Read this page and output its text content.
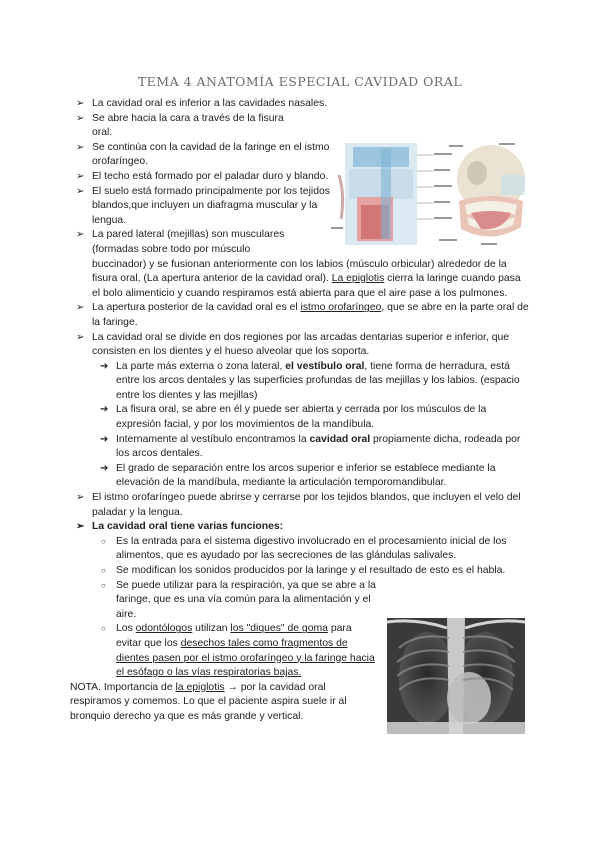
TEMA 4 ANATOMÍA ESPECIAL CAVIDAD ORAL

➢ La cavidad oral es inferior a las cavidades nasales.

➢ Se abre hacia la cara a través de la fisura oral.

➢ Se continúa con la cavidad de la faringe en el istmo orofaríngeo.

➢ El techo está formado por el paladar duro y blando.

➢ El suelo está formado principalmente por los tejidos blandos,que incluyen un diafragma muscular y la lengua.

➢ La pared lateral (mejillas) son musculares (formadas sobre todo por músculo
buccinador) y se fusionan anteriormente con los labios (músculo orbicular) alrededor de la fisura oral, (La apertura anterior de la cavidad oral). La epiglotis cierra la laringe cuando pasa el bolo alimenticio y cuando respiramos está abierta para que el aire pase a los pulmones.

➢ La apertura posterior de la cavidad oral es el istmo orofaríngeo, que se abre en la parte oral de la faringe.

➢ La cavidad oral se divide en dos regiones por las arcadas dentarias superior e inferior, que consisten en los dientes y el hueso alveolar que los soporta.

➔ La parte más externa o zona lateral, el vestíbulo oral, tiene forma de herradura, está entre los arcos dentales y las superficies profundas de las mejillas y los labios. (espacio entre los dientes y las mejillas)

➔ La fisura oral, se abre en él y puede ser abierta y cerrada por los músculos de la expresión facial, y por los movimientos de la mandíbula.

➔ Internamente al vestíbulo encontramos la cavidad oral propiamente dicha, rodeada por los arcos dentales.

➔ El grado de separación entre los arcos superior e inferior se establece mediante la elevación de la mandíbula, mediante la articulación temporomandibular.

➢ El istmo orofaríngeo puede abrirse y cerrarse por los tejidos blandos, que incluyen el velo del paladar y la lengua.

➢ La cavidad oral tiene varias funciones:

○ Es la entrada para el sistema digestivo involucrado en el procesamiento inicial de los alimentos, que es ayudado por las secreciones de las glándulas salivales.

○ Se modifican los sonidos producidos por la laringe y el resultado de esto es el habla.

○ Se puede utilizar para la respiración, ya que se abre a la faringe, que es una vía común para la alimentación y el aire.

○ Los odontólogos utilizan los "diques" de goma para evitar que los desechos tales como fragmentos de dientes pasen por el istmo orofaríngeo y la faringe hacia el esófago o las vías respiratorias bajas.

NOTA. Importancia de la epiglotis → por la cavidad oral respiramos y comemos. Lo que el paciente aspira suele ir al bronquio derecho ya que es más grande y vertical.
